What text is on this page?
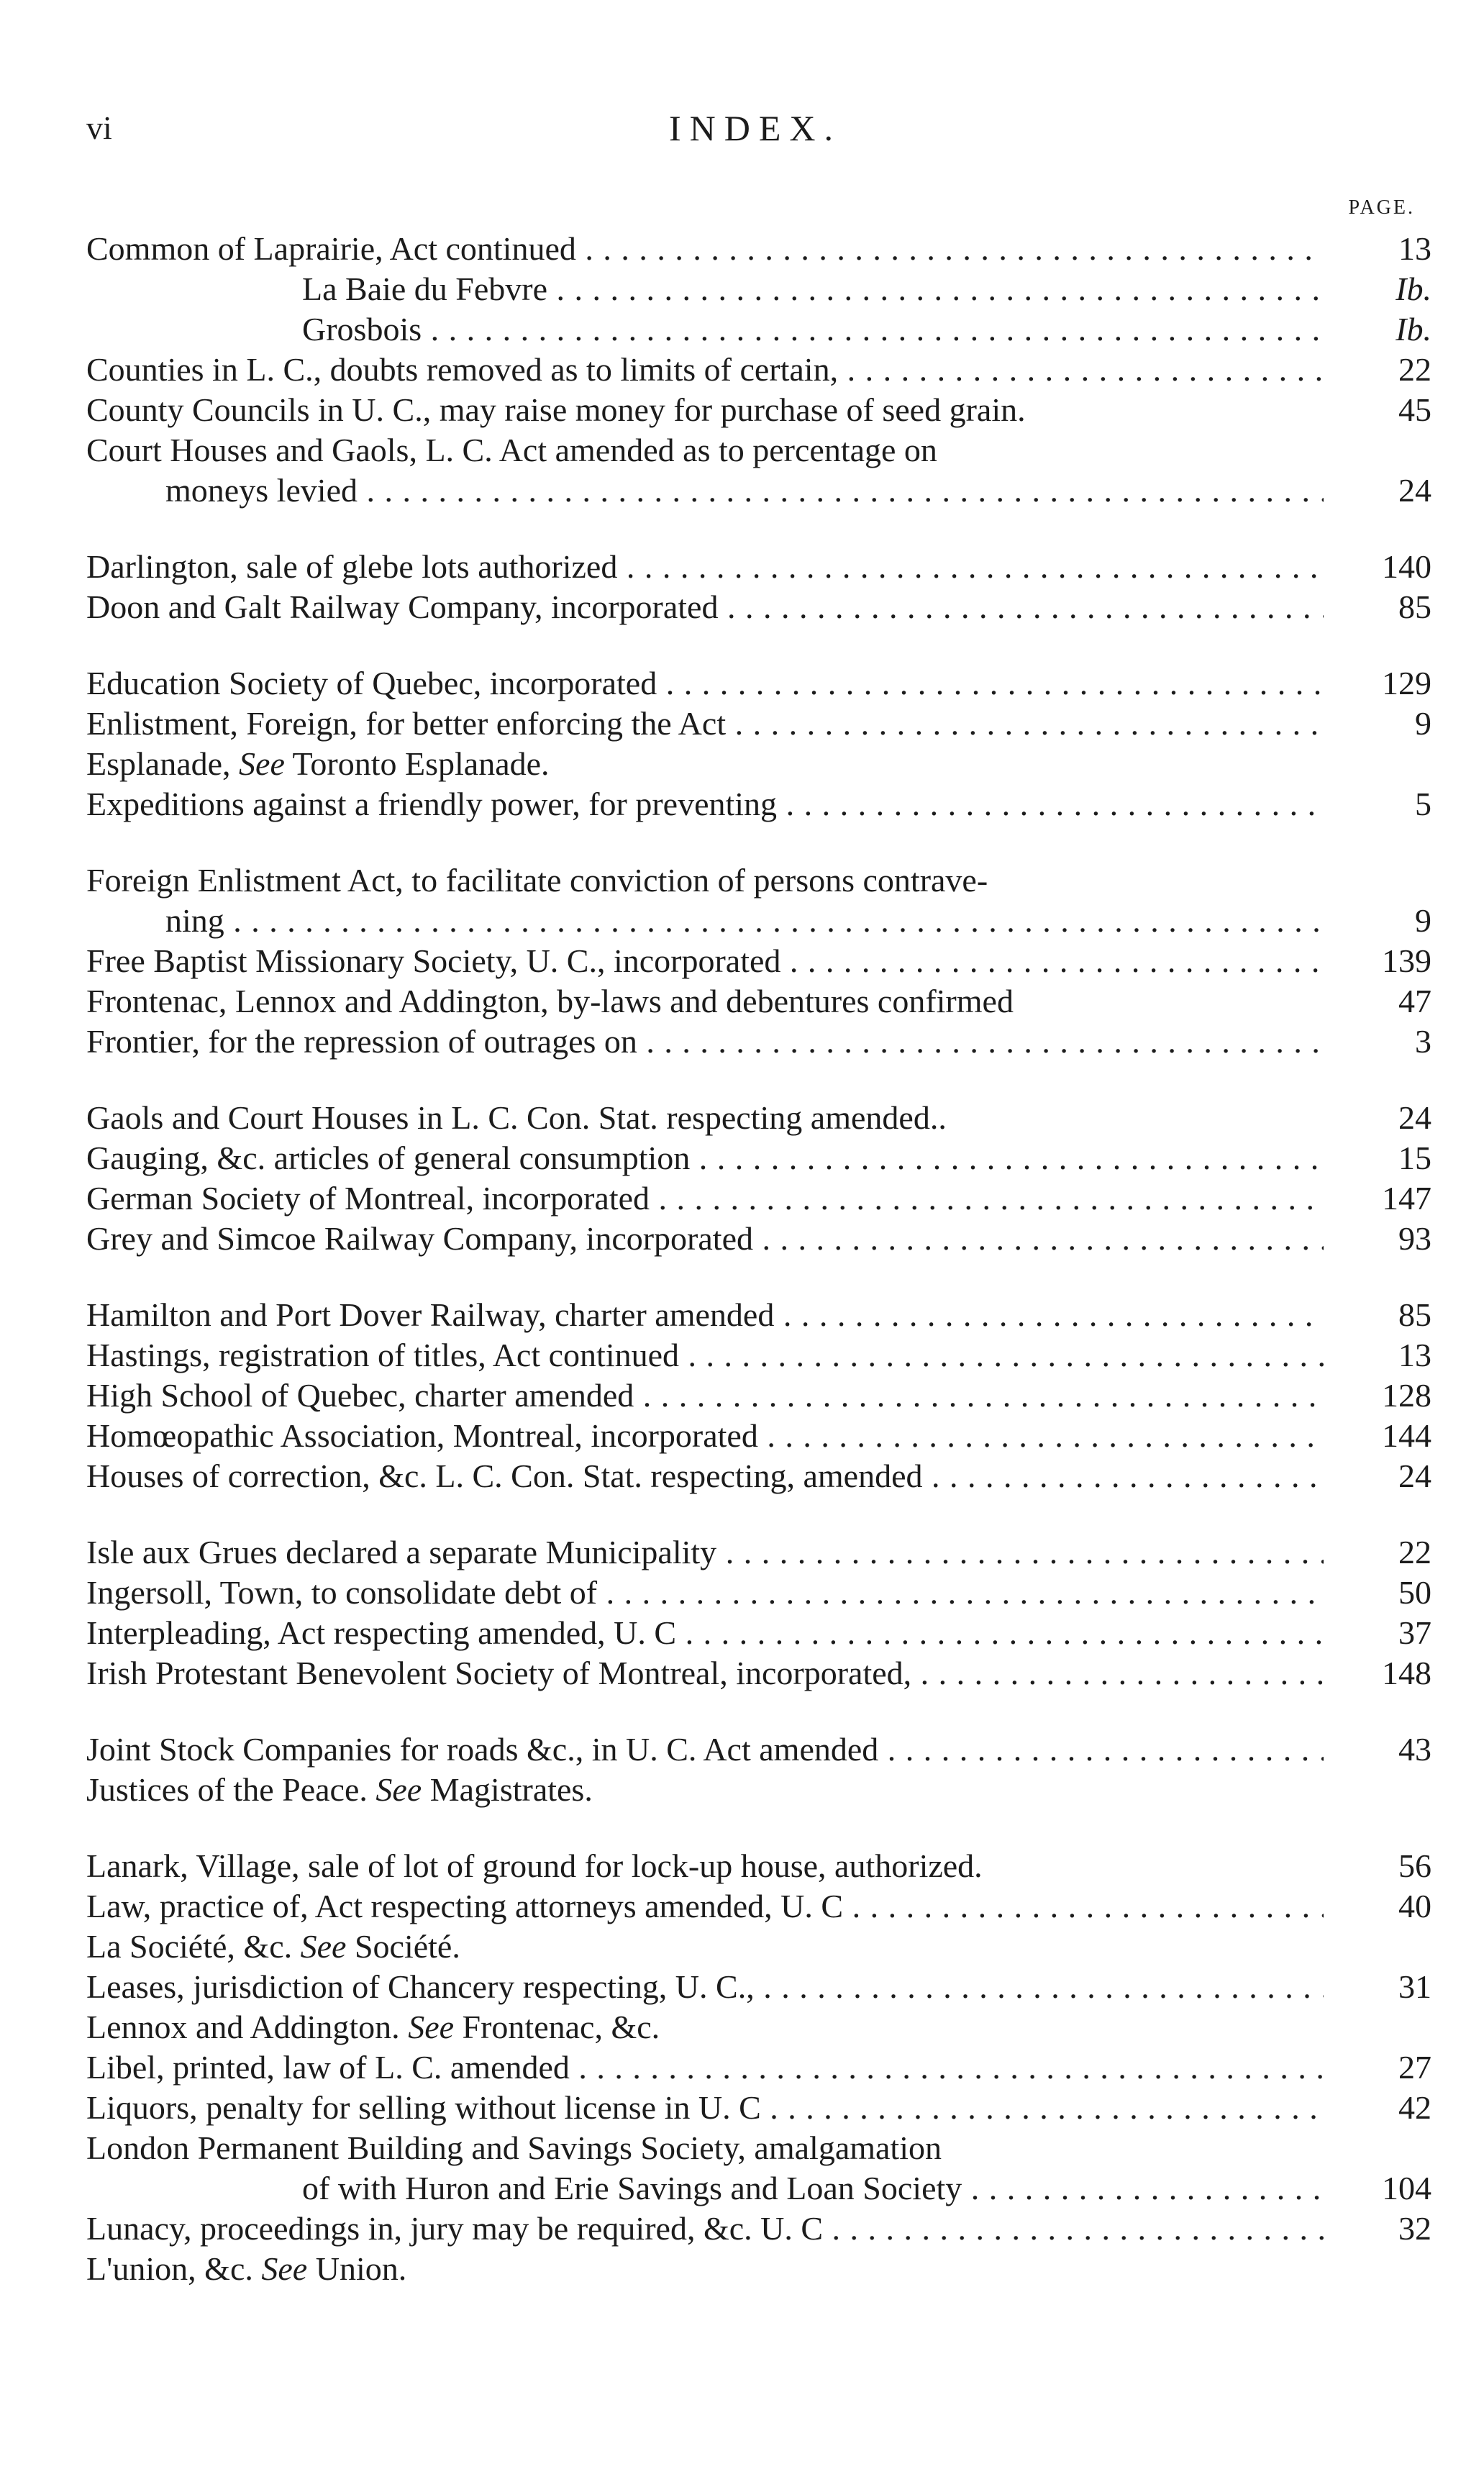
vi	INDEX.
PAGE.
Common of Laprairie, Act continued . . .	13
La Baie du Febvre . . .	Ib.
Grosbois . . .	Ib.
Counties in L. C., doubts removed as to limits of certain, . . .	22
County Councils in U. C., may raise money for purchase of seed grain.	45
Court Houses and Gaols, L. C. Act amended as to percentage on
moneys levied . . .	24
Darlington, sale of glebe lots authorized . . .	140
Doon and Galt Railway Company, incorporated . . .	85
Education Society of Quebec, incorporated . . .	129
Enlistment, Foreign, for better enforcing the Act . . .	9
Esplanade, See Toronto Esplanade.
Expeditions against a friendly power, for preventing . . .	5
Foreign Enlistment Act, to facilitate conviction of persons contrave-
ning . . .	9
Free Baptist Missionary Society, U. C., incorporated . . .	139
Frontenac, Lennox and Addington, by-laws and debentures confirmed	47
Frontier, for the repression of outrages on . . .	3
Gaols and Court Houses in L. C. Con. Stat. respecting amended..	24
Gauging, &c. articles of general consumption . . .	15
German Society of Montreal, incorporated . . .	147
Grey and Simcoe Railway Company, incorporated . . .	93
Hamilton and Port Dover Railway, charter amended . . .	85
Hastings, registration of titles, Act continued . . .	13
High School of Quebec, charter amended . . .	128
Homœopathic Association, Montreal, incorporated . . .	144
Houses of correction, &c. L. C. Con. Stat. respecting, amended . . .	24
Isle aux Grues declared a separate Municipality . . .	22
Ingersoll, Town, to consolidate debt of . . .	50
Interpleading, Act respecting amended, U. C . . .	37
Irish Protestant Benevolent Society of Montreal, incorporated, . . .	148
Joint Stock Companies for roads &c., in U. C. Act amended . . .	43
Justices of the Peace. See Magistrates.
Lanark, Village, sale of lot of ground for lock-up house, authorized.	56
Law, practice of, Act respecting attorneys amended, U. C . . .	40
La Société, &c. See Société.
Leases, jurisdiction of Chancery respecting, U. C., . . .	31
Lennox and Addington. See Frontenac, &c.
Libel, printed, law of L. C. amended . . .	27
Liquors, penalty for selling without license in U. C . . .	42
London Permanent Building and Savings Society, amalgamation
of with Huron and Erie Savings and Loan Society . . .	104
Lunacy, proceedings in, jury may be required, &c. U. C . . .	32
L'union, &c. See Union.
